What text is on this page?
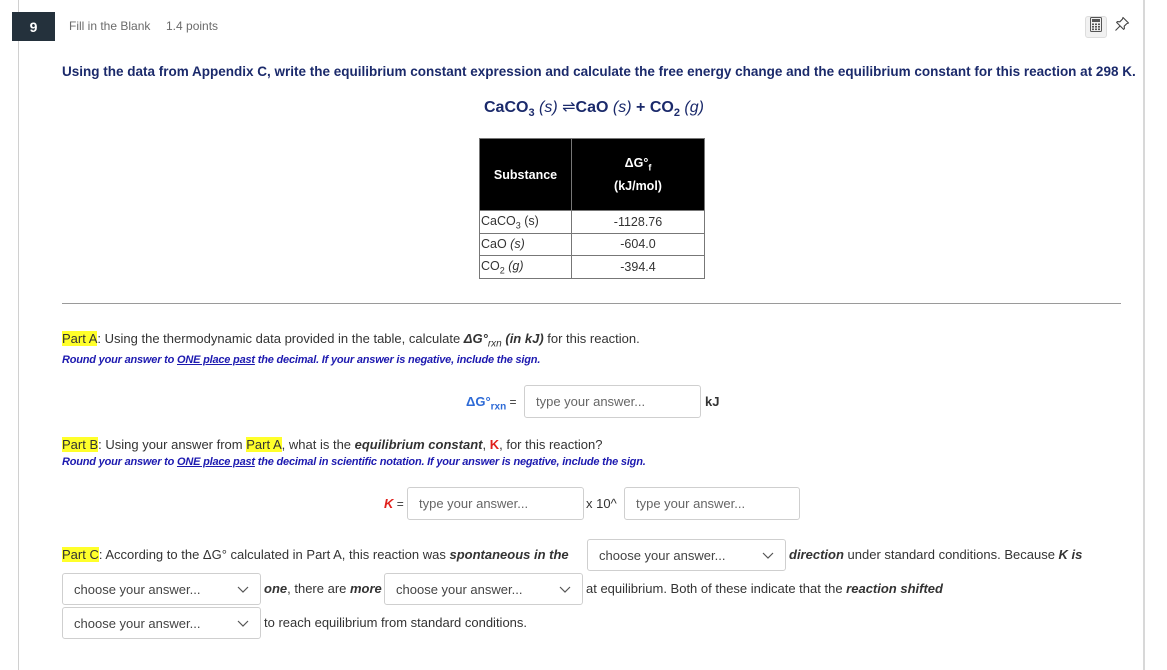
9	Fill in the Blank 1.4 points
Using the data from Appendix C, write the equilibrium constant expression and calculate the free energy change and the equilibrium constant for this reaction at 298 K.
CaCO$_3$ (s) ⇌CaO $(s) + CO_2$ (g)
Substance	$\Delta G^\circ_f$
(kJ/mol)
CaCO$_3$ (s)	-1128.76
CaO (s)	-604.0
$CO_2$ (g)	-394.4
Part A: Using the thermodynamic data provided in the table, calculate $\Delta G^\circ_{rxn}$ (in kJ) for this reaction.
Round your answer to ONE place past the decimal. If your answer is negative, include the sign.
$\Delta G^\circ_{rxn}$ =	type your answer...	kJ
Part B: Using your answer from Part A, what is the equilibrium constant, K, for this reaction?
Round your answer to ONE place past the decimal in scientific notation. If your answer is negative, include the sign.
K =	type your answer...	x 10^	type your answer...
Part C: According to the ΔG° calculated in Part A, this reaction was spontaneous in the choose your answer...	direction under standard conditions. Because K is
choose your answer...	one, there are more choose your answer...	at equilibrium. Both of these indicate that the reaction shifted
choose your answer...	to reach equilibrium from standard conditions.
